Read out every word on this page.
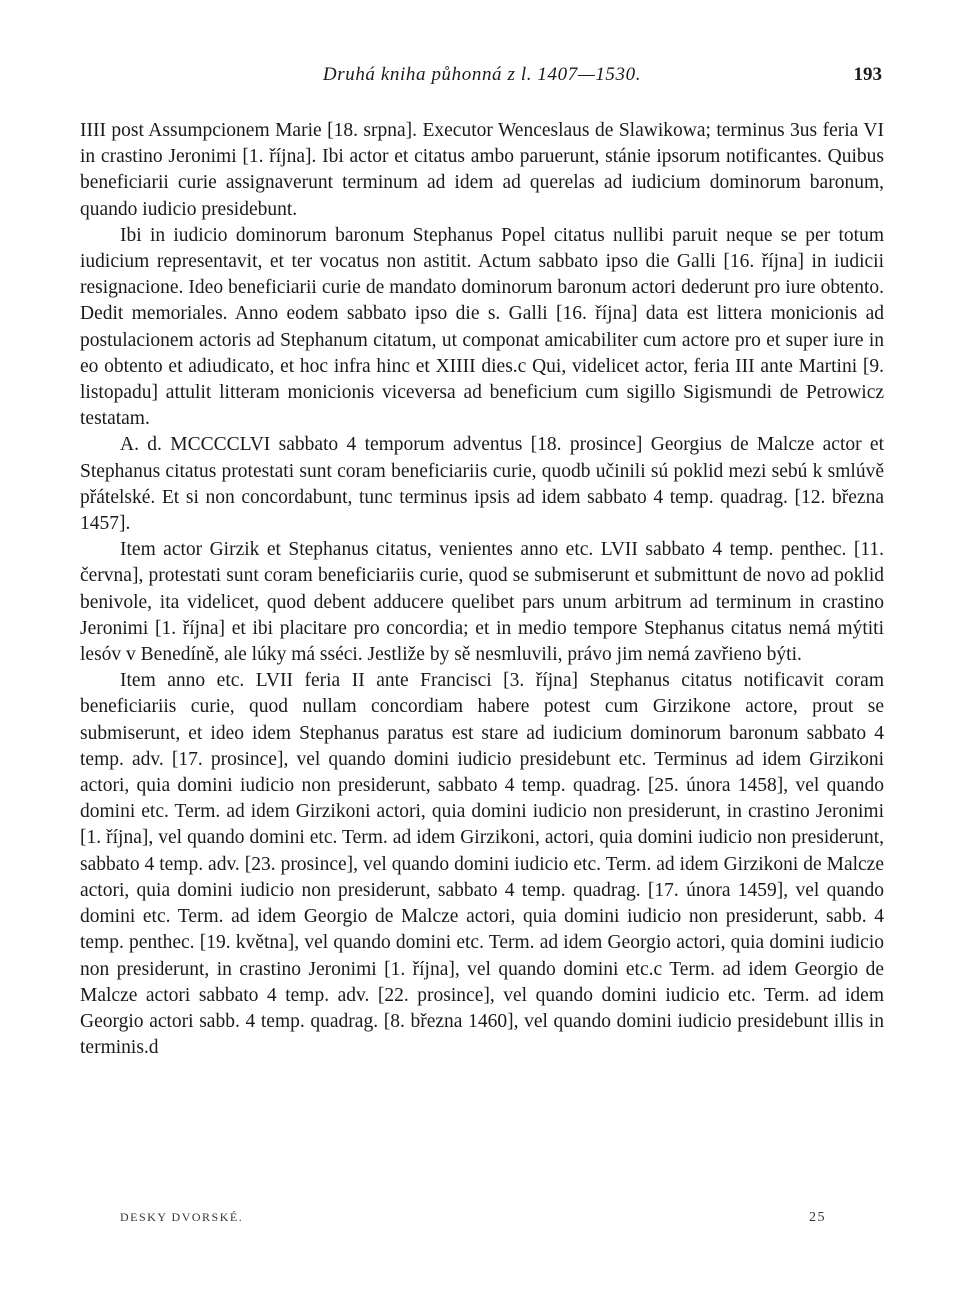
Druhá kniha půhonná z l. 1407—1530.	193

IIII post Assumpcionem Marie [18. srpna]. Executor Wenceslaus de Slawikowa; terminus 3us feria VI in crastino Jeronimi [1. října]. Ibi actor et citatus ambo paruerunt, stánie ipsorum notificantes. Quibus beneficiarii curie assignaverunt terminum ad idem ad querelas ad iudicium dominorum baronum, quando iudicio presidebunt.

Ibi in iudicio dominorum baronum Stephanus Popel citatus nullibi paruit neque se per totum iudicium representavit, et ter vocatus non astitit. Actum sabbato ipso die Galli [16. října] in iudicii resignacione. Ideo beneficiarii curie de mandato dominorum baronum actori dederunt pro iure obtento. Dedit memoriales. Anno eodem sabbato ipso die s. Galli [16. října] data est littera monicionis ad postulacionem actoris ad Stephanum citatum, ut componat amicabiliter cum actore pro et super iure in eo obtento et adiudicato, et hoc infra hinc et XIIII dies.c Qui, videlicet actor, feria III ante Martini [9. listopadu] attulit litteram monicionis viceversa ad beneficium cum sigillo Sigismundi de Petrowicz testatam.

A. d. MCCCCLVI sabbato 4 temporum adventus [18. prosince] Georgius de Malcze actor et Stephanus citatus protestati sunt coram beneficiariis curie, quodb učinili sú poklid mezi sebú k smlúvě přátelské. Et si non concordabunt, tunc terminus ipsis ad idem sabbato 4 temp. quadrag. [12. března 1457].

Item actor Girzik et Stephanus citatus, venientes anno etc. LVII sabbato 4 temp. penthec. [11. června], protestati sunt coram beneficiariis curie, quod se submiserunt et submittunt de novo ad poklid benivole, ita videlicet, quod debent adducere quelibet pars unum arbitrum ad terminum in crastino Jeronimi [1. října] et ibi placitare pro concordia; et in medio tempore Stephanus citatus nemá mýtiti lesóv v Benedíně, ale lúky má sséci. Jestliže by sě nesmluvili, právo jim nemá zavřieno býti.

Item anno etc. LVII feria II ante Francisci [3. října] Stephanus citatus notificavit coram beneficiariis curie, quod nullam concordiam habere potest cum Girzikone actore, prout se submiserunt, et ideo idem Stephanus paratus est stare ad iudicium dominorum baronum sabbato 4 temp. adv. [17. prosince], vel quando domini iudicio presidebunt etc. Terminus ad idem Girzikoni actori, quia domini iudicio non presiderunt, sabbato 4 temp. quadrag. [25. února 1458], vel quando domini etc. Term. ad idem Girzikoni actori, quia domini iudicio non presiderunt, in crastino Jeronimi [1. října], vel quando domini etc. Term. ad idem Girzikoni, actori, quia domini iudicio non presiderunt, sabbato 4 temp. adv. [23. prosince], vel quando domini iudicio etc. Term. ad idem Girzikoni de Malcze actori, quia domini iudicio non presiderunt, sabbato 4 temp. quadrag. [17. února 1459], vel quando domini etc. Term. ad idem Georgio de Malcze actori, quia domini iudicio non presiderunt, sabb. 4 temp. penthec. [19. května], vel quando domini etc. Term. ad idem Georgio actori, quia domini iudicio non presiderunt, in crastino Jeronimi [1. října], vel quando domini etc.c Term. ad idem Georgio de Malcze actori sabbato 4 temp. adv. [22. prosince], vel quando domini iudicio etc. Term. ad idem Georgio actori sabb. 4 temp. quadrag. [8. března 1460], vel quando domini iudicio presidebunt illis in terminis.d

DESKY DVORSKÉ.	25
